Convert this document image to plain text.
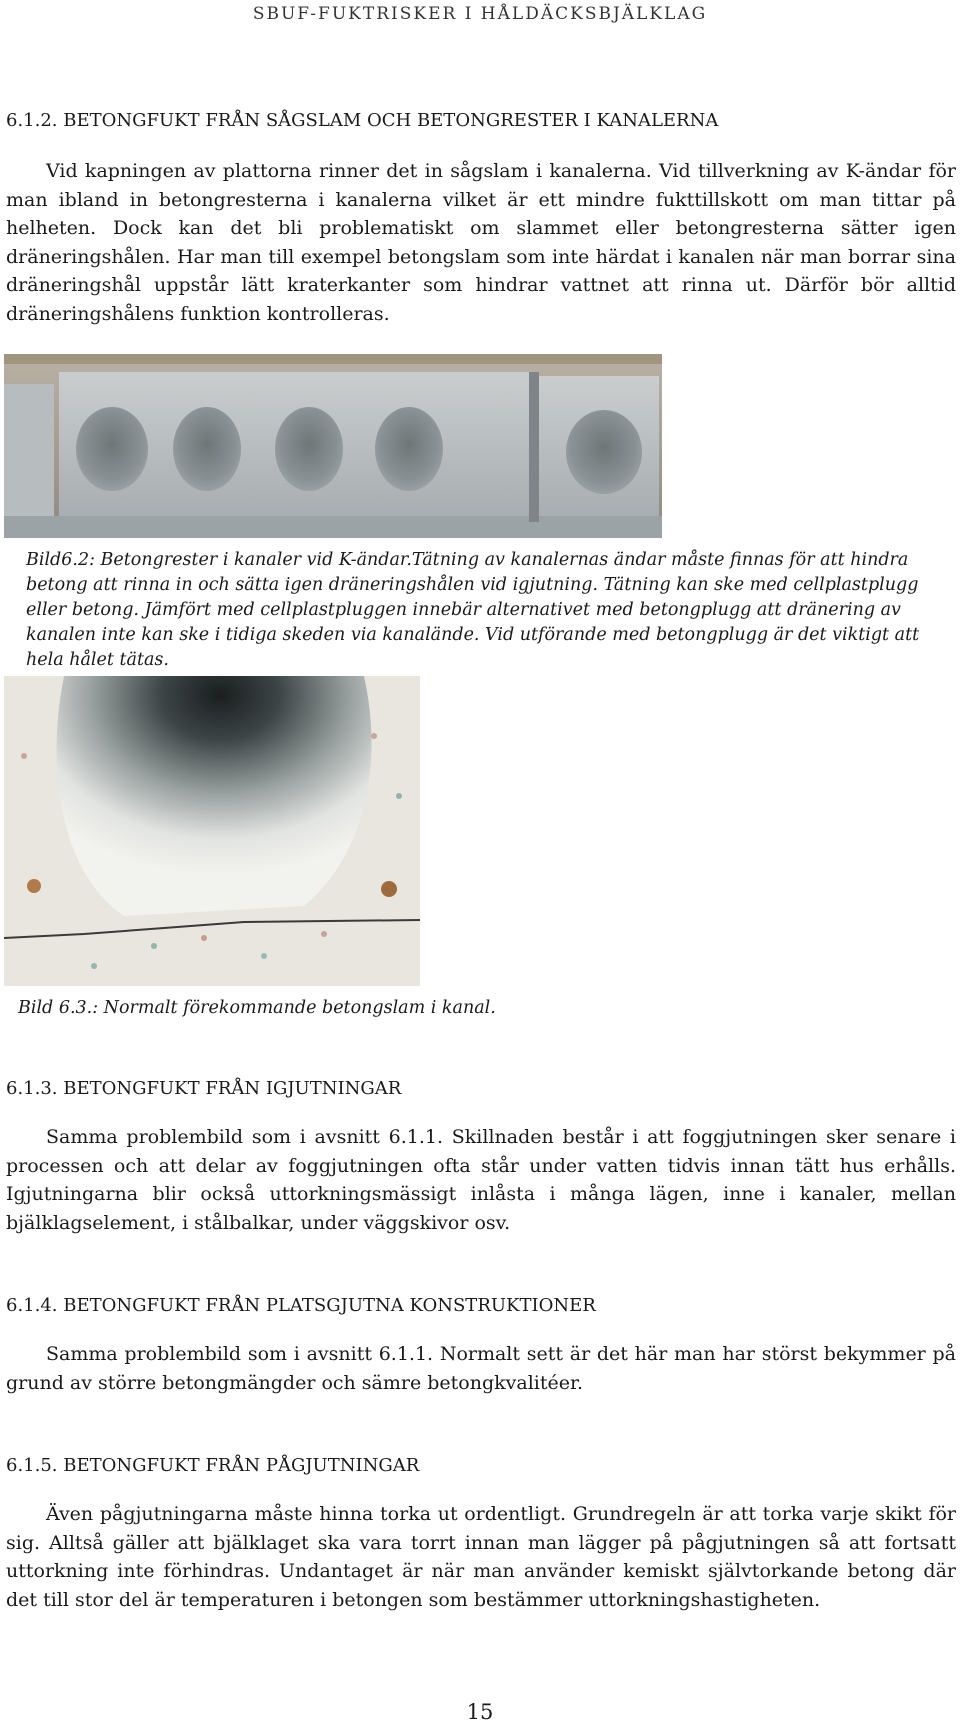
SBUF-FUKTRISKER I HÅLDÄCKSBJÄLKLAG
6.1.2. BETONGFUKT FRÅN SÅGSLAM OCH BETONGRESTER I KANALERNA
Vid kapningen av plattorna rinner det in sågslam i kanalerna. Vid tillverkning av K-ändar för man ibland in betongresterna i kanalerna vilket är ett mindre fukttillskott om man tittar på helheten. Dock kan det bli problematiskt om slammet eller betongresterna sätter igen dräneringshålen. Har man till exempel betongslam som inte härdat i kanalen när man borrar sina dräneringshål uppstår lätt kraterkanter som hindrar vattnet att rinna ut. Därför bör alltid dräneringshålens funktion kontrolleras.
Bild6.2: Betongrester i kanaler vid K-ändar.Tätning av kanalernas ändar måste finnas för att hindra betong att rinna in och sätta igen dräneringshålen vid igjutning. Tätning kan ske med cellplastplugg eller betong. Jämfört med cellplastpluggen innebär alternativet med betongplugg att dränering av kanalen inte kan ske i tidiga skeden via kanalände. Vid utförande med betongplugg är det viktigt att hela hålet tätas.
Bild 6.3.: Normalt förekommande betongslam i kanal.
6.1.3. BETONGFUKT FRÅN IGJUTNINGAR
Samma problembild som i avsnitt 6.1.1. Skillnaden består i att foggjutningen sker senare i processen och att delar av foggjutningen ofta står under vatten tidvis innan tätt hus erhålls. Igjutningarna blir också uttorkningsmässigt inlåsta i många lägen, inne i kanaler, mellan bjälklagselement, i stålbalkar, under väggskivor osv.
6.1.4. BETONGFUKT FRÅN PLATSGJUTNA KONSTRUKTIONER
Samma problembild som i avsnitt 6.1.1. Normalt sett är det här man har störst bekymmer på grund av större betongmängder och sämre betongkvalitéer.
6.1.5. BETONGFUKT FRÅN PÅGJUTNINGAR
Även pågjutningarna måste hinna torka ut ordentligt. Grundregeln är att torka varje skikt för sig. Alltså gäller att bjälklaget ska vara torrt innan man lägger på pågjutningen så att fortsatt uttorkning inte förhindras. Undantaget är när man använder kemiskt självtorkande betong där det till stor del är temperaturen i betongen som bestämmer uttorkningshastigheten.
15
